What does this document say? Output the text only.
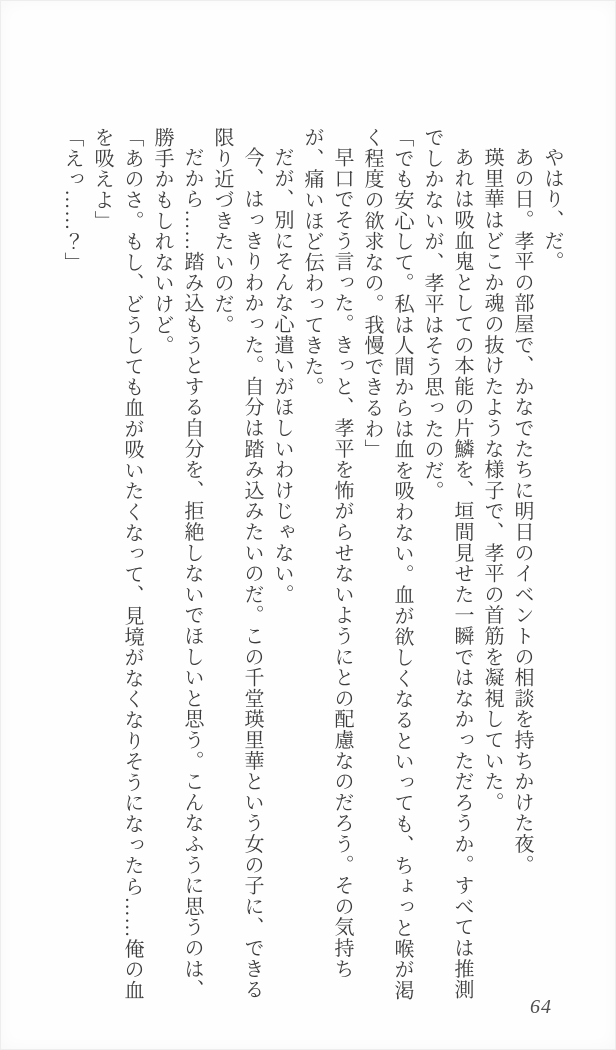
やはり、だ。

あの日。孝平の部屋で、かなでたちに明日のイベントの相談を持ちかけた夜。

瑛里華はどこか魂の抜けたような様子で、孝平の首筋を凝視していた。

あれは吸血鬼としての本能の片鱗を、垣間見せた一瞬ではなかっただろうか。すべては推測でしかないが、孝平はそう思ったのだ。

「でも安心して。私は人間からは血を吸わない。血が欲しくなるといっても、ちょっと喉が渇く程度の欲求なの。我慢できるわ」

早口でそう言った。きっと、孝平を怖がらせないようにとの配慮なのだろう。その気持ちが、痛いほど伝わってきた。

だが、別にそんな心遣いがほしいわけじゃない。

今、はっきりわかった。自分は踏み込みたいのだ。この千堂瑛里華という女の子に、できる限り近づきたいのだ。

だから……踏み込もうとする自分を、拒絶しないでほしいと思う。こんなふうに思うのは、勝手かもしれないけど。

「あのさ。もし、どうしても血が吸いたくなって、見境がなくなりそうになったら……俺の血を吸えよ」

「えっ……？」

64
